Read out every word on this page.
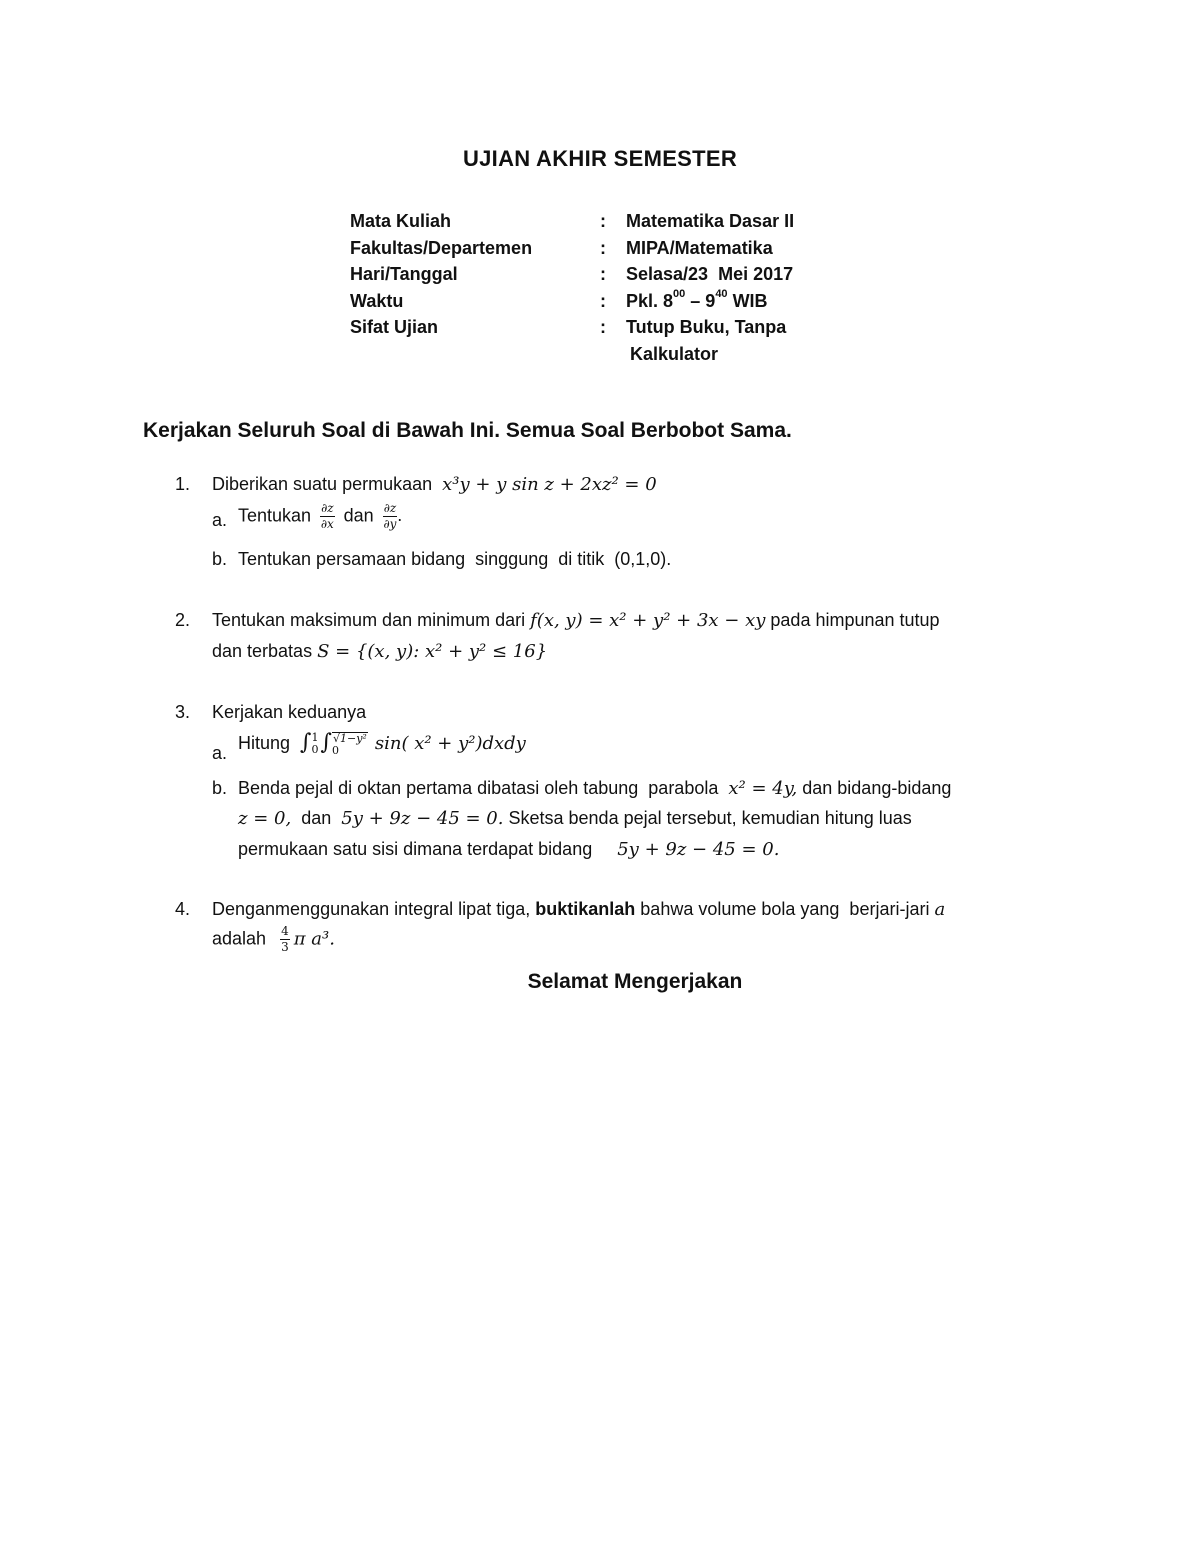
UJIAN AKHIR SEMESTER
Mata Kuliah	: Matematika Dasar II
Fakultas/Departemen	: MIPA/Matematika
Hari/Tanggal	: Selasa/23  Mei 2017
Waktu	: Pkl. $8^{00} - 9^{40}$ WIB
Sifat Ujian	: Tutup Buku, Tanpa
Kalkulator
Kerjakan Seluruh Soal di Bawah Ini. Semua Soal Berbobot Sama.
1. Diberikan suatu permukaan x³y + y sin z + 2xz² = 0
a. Tentukan $\frac{\partial z}{\partial x}$ dan $\frac{\partial z}{\partial y}$ .
b. Tentukan persamaan bidang  singgung  di titik  (0,1,0).
2. Tentukan maksimum dan minimum dari f(x, y) = x² + y² + 3x − xy pada himpunan tutup
dan terbatas S = {(x, y): x² + y² ≤ 16}
3. Kerjakan keduanya
a. Hitung ∫ 1
0 ∫ √1−y²
0	sin( x² + y²)dxdy
b. Benda pejal di oktan pertama dibatasi oleh tabung  parabola x² = 4y, dan bidang-bidang
z = 0, dan 5y + 9z − 45 = 0. Sketsa benda pejal tersebut, kemudian hitung luas
permukaan satu sisi dimana terdapat bidang 5y + 9z − 45 = 0.
4. Denganmenggunakan integral lipat tiga, buktikanlah bahwa volume bola yang  berjari-jari a
adalah $\frac{4}{3}$ π a³.
Selamat Mengerjakan
